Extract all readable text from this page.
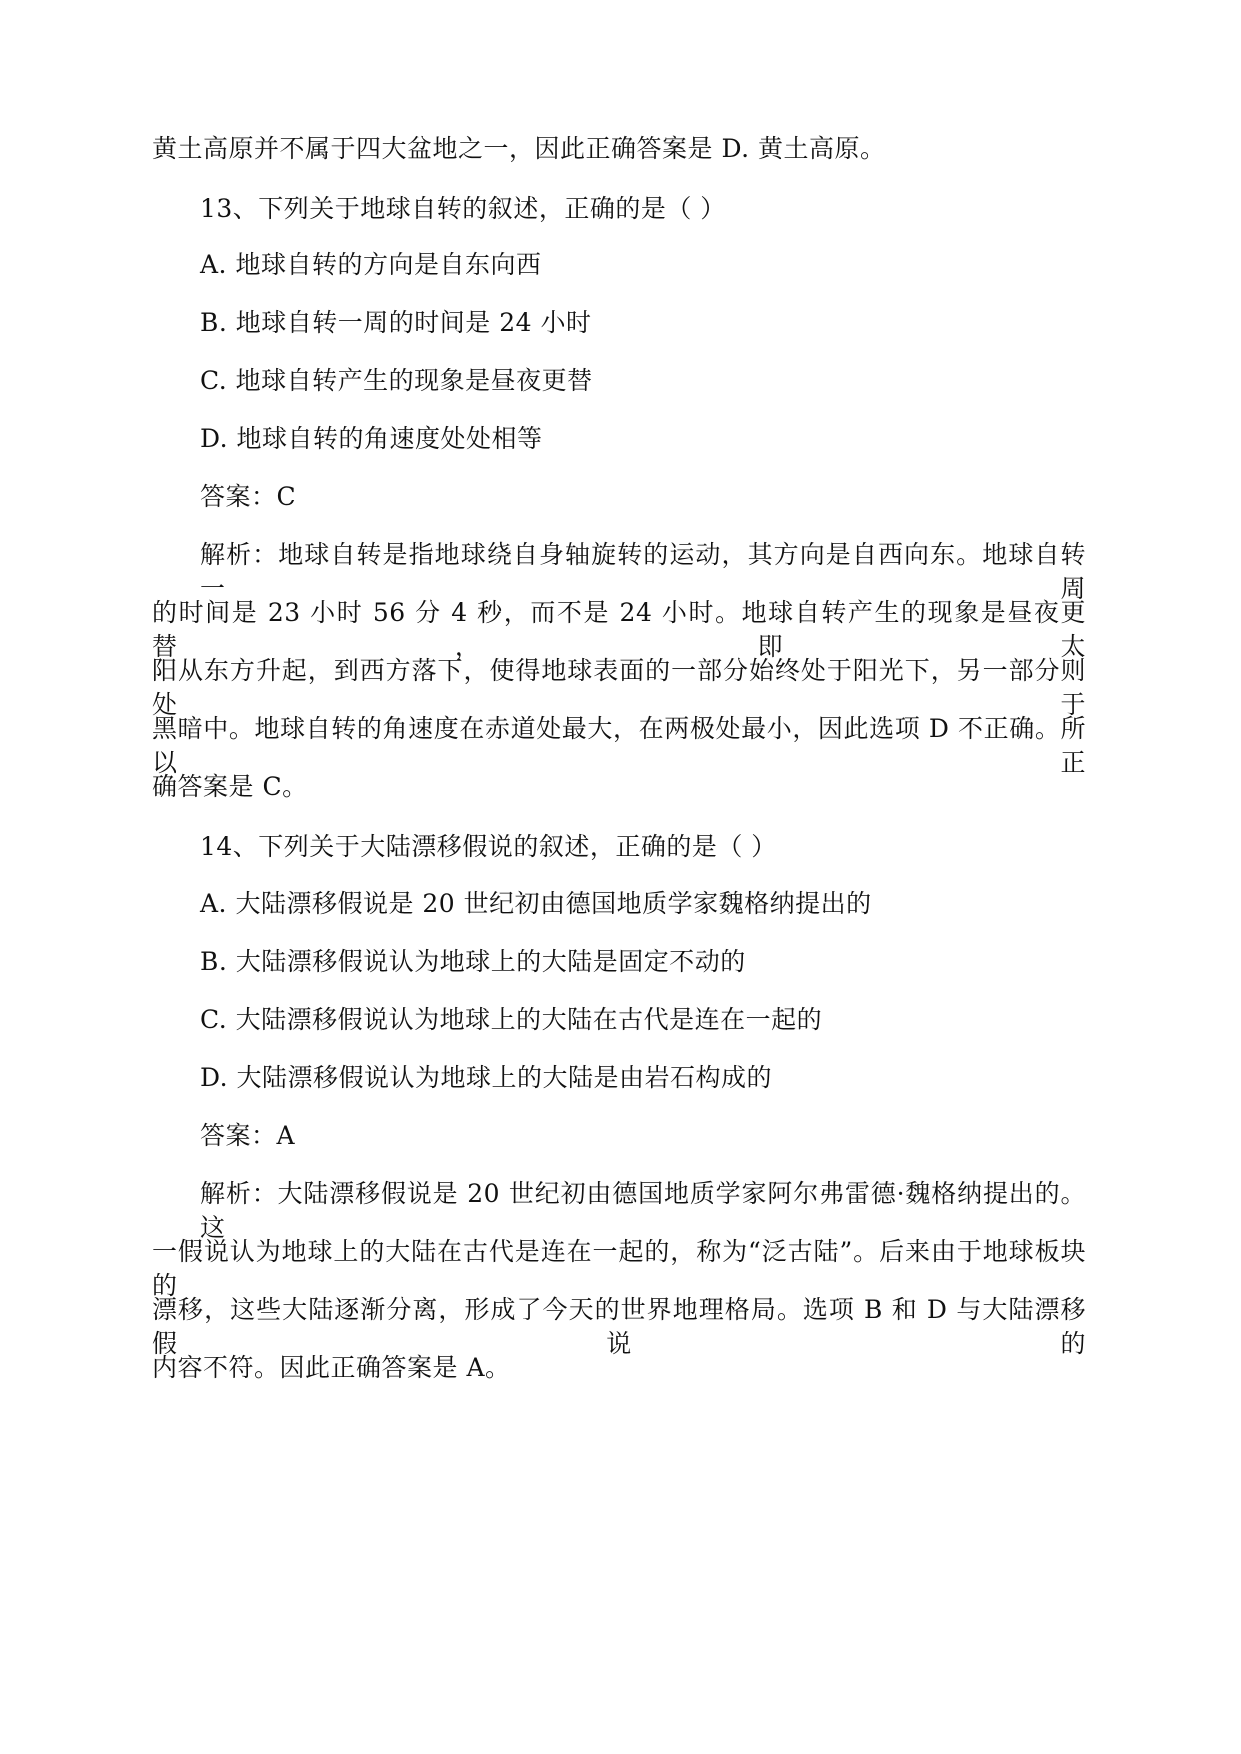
黄土高原并不属于四大盆地之一，因此正确答案是 D. 黄土高原。
13、下列关于地球自转的叙述，正确的是（ ）
A. 地球自转的方向是自东向西
B. 地球自转一周的时间是 24 小时
C. 地球自转产生的现象是昼夜更替
D. 地球自转的角速度处处相等
答案：C
解析：地球自转是指地球绕自身轴旋转的运动，其方向是自西向东。地球自转一周
的时间是 23 小时 56 分 4 秒，而不是 24 小时。地球自转产生的现象是昼夜更替，即太
阳从东方升起，到西方落下，使得地球表面的一部分始终处于阳光下，另一部分则处于
黑暗中。地球自转的角速度在赤道处最大，在两极处最小，因此选项 D 不正确。所以正
确答案是 C。
14、下列关于大陆漂移假说的叙述，正确的是（ ）
A. 大陆漂移假说是 20 世纪初由德国地质学家魏格纳提出的
B. 大陆漂移假说认为地球上的大陆是固定不动的
C. 大陆漂移假说认为地球上的大陆在古代是连在一起的
D. 大陆漂移假说认为地球上的大陆是由岩石构成的
答案：A
解析：大陆漂移假说是 20 世纪初由德国地质学家阿尔弗雷德·魏格纳提出的。这
一假说认为地球上的大陆在古代是连在一起的，称为“泛古陆”。后来由于地球板块的
漂移，这些大陆逐渐分离，形成了今天的世界地理格局。选项 B 和 D 与大陆漂移假说的
内容不符。因此正确答案是 A。
